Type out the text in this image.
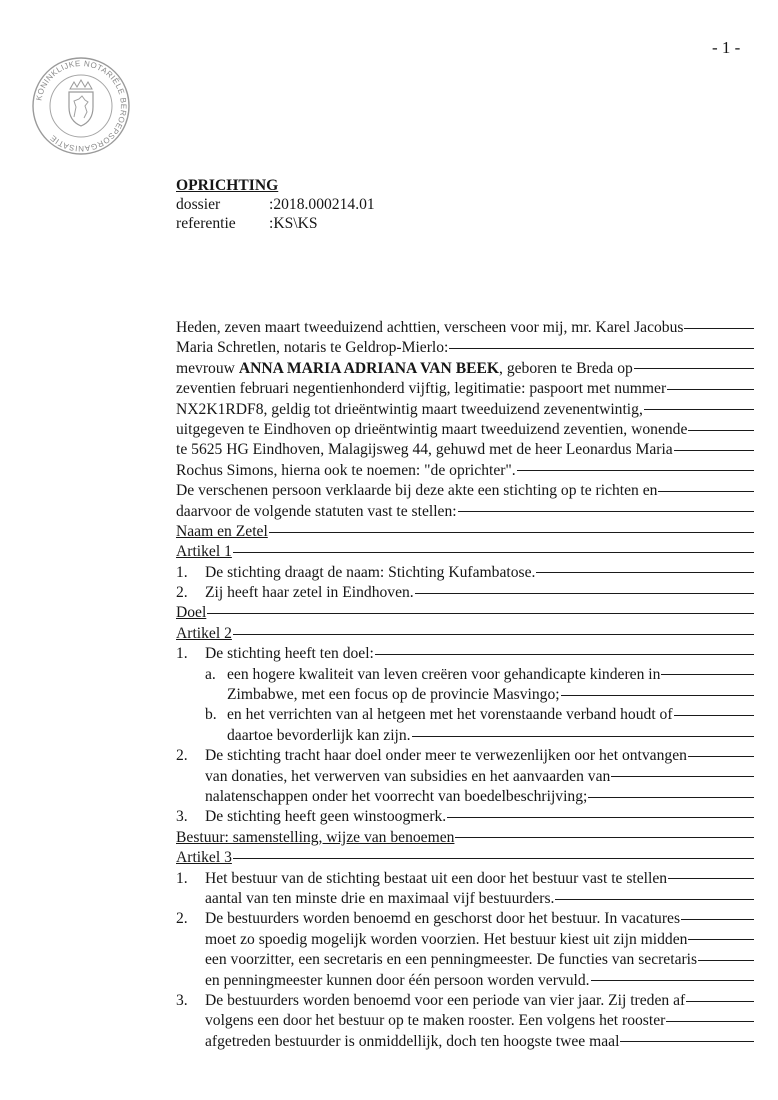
- 1 -
KONINKLIJKE NOTARIËLE BEROEPSORGANISATIE
OPRICHTING
dossier	:2018.000214.01
referentie	:KS\KS
Heden, zeven maart tweeduizend achttien, verscheen voor mij, mr. Karel Jacobus
Maria Schretlen, notaris te Geldrop-Mierlo:
mevrouw
ANNA MARIA ADRIANA VAN BEEK , geboren te Breda op
zeventien februari negentienhonderd vijftig, legitimatie: paspoort met nummer
NX2K1RDF8, geldig tot drieëntwintig maart tweeduizend zevenentwintig,
uitgegeven te Eindhoven op drieëntwintig maart tweeduizend zeventien, wonende
te 5625 HG Eindhoven, Malagijsweg 44, gehuwd met de heer Leonardus Maria
Rochus Simons, hierna ook te noemen: "de oprichter".
De verschenen persoon verklaarde bij deze akte een stichting op te richten en
daarvoor de volgende statuten vast te stellen:
Naam en Zetel
Artikel 1
1.	De stichting draagt de naam: Stichting Kufambatose.
2.	Zij heeft haar zetel in Eindhoven.
Doel
Artikel 2
1.	De stichting heeft ten doel:
a. een hogere kwaliteit van leven creëren voor gehandicapte kinderen in
Zimbabwe, met een focus op de provincie Masvingo;
b. en het verrichten van al hetgeen met het vorenstaande verband houdt of
daartoe bevorderlijk kan zijn.
2.	De stichting tracht haar doel onder meer te verwezenlijken oor het ontvangen
van donaties, het verwerven van subsidies en het aanvaarden van
nalatenschappen onder het voorrecht van boedelbeschrijving;
3.	De stichting heeft geen winstoogmerk.
Bestuur: samenstelling, wijze van benoemen
Artikel 3
1.	Het bestuur van de stichting bestaat uit een door het bestuur vast te stellen
aantal van ten minste drie en maximaal vijf bestuurders.
2.	De bestuurders worden benoemd en geschorst door het bestuur. In vacatures
moet zo spoedig mogelijk worden voorzien. Het bestuur kiest uit zijn midden
een voorzitter, een secretaris en een penningmeester. De functies van secretaris
en penningmeester kunnen door één persoon worden vervuld.
3.	De bestuurders worden benoemd voor een periode van vier jaar. Zij treden af
volgens een door het bestuur op te maken rooster. Een volgens het rooster
afgetreden bestuurder is onmiddellijk, doch ten hoogste twee maal
